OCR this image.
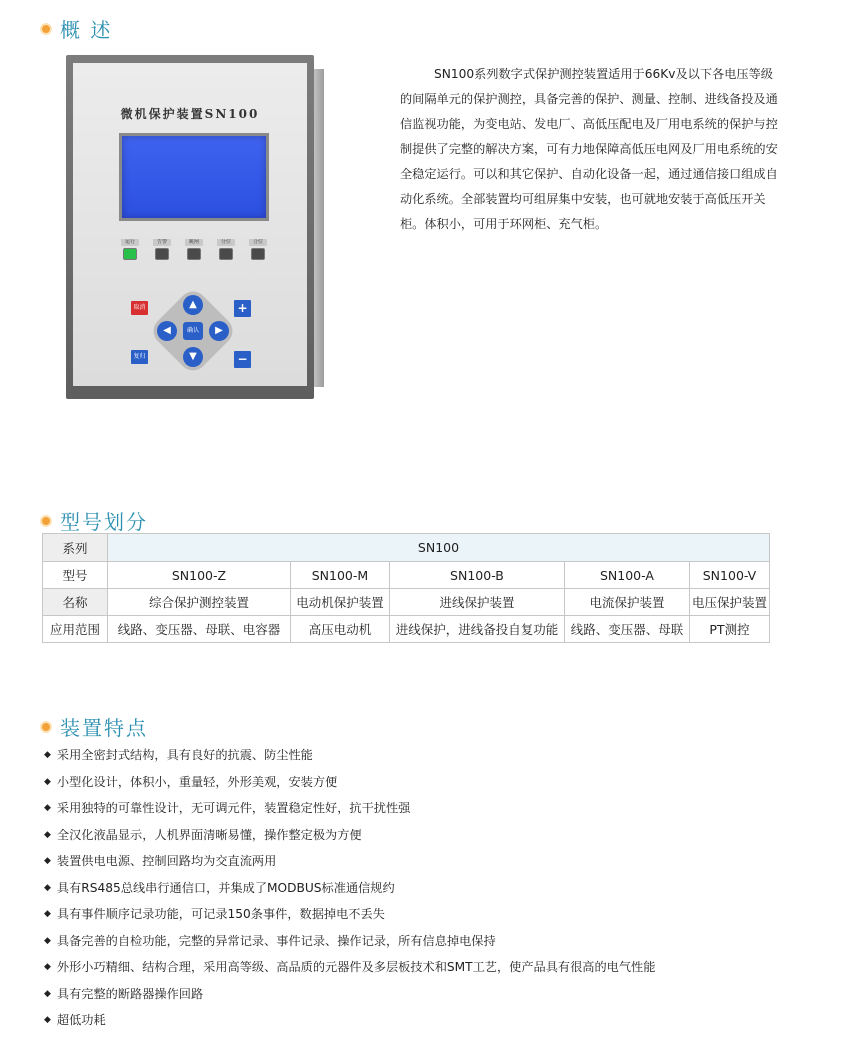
概 述
微机保护装置SN100
运行	告警	跳闸	分位	合位
取消
复归
+
−
▲
▼
◀	▶
确认
SN100系列数字式保护测控装置适用于66Kv及以下各电压等级的间隔单元的保护测控，具备完善的保护、测量、控制、进线备投及通信监视功能，为变电站、发电厂、高低压配电及厂用电系统的保护与控制提供了完整的解决方案，可有力地保障高低压电网及厂用电系统的安全稳定运行。可以和其它保护、自动化设备一起，通过通信接口组成自动化系统。全部装置均可组屏集中安装，也可就地安装于高低压开关柜。体积小，可用于环网柜、充气柜。
型号划分
系列	SN100				
型号	SN100-Z	SN100-M	SN100-B	SN100-A	SN100-V
名称	综合保护测控装置	电动机保护装置	进线保护装置	电流保护装置	电压保护装置
应用范围	线路、变压器、母联、电容器	高压电动机	进线保护，进线备投自复功能	线路、变压器、母联	PT测控
装置特点
◆ 采用全密封式结构，具有良好的抗震、防尘性能
◆ 小型化设计，体积小，重量轻，外形美观，安装方便
◆ 采用独特的可靠性设计，无可调元件，装置稳定性好，抗干扰性强
◆ 全汉化液晶显示，人机界面清晰易懂，操作整定极为方便
◆ 装置供电电源、控制回路均为交直流两用
◆ 具有RS485总线串行通信口，并集成了MODBUS标准通信规约
◆ 具有事件顺序记录功能，可记录150条事件，数据掉电不丢失
◆ 具备完善的自检功能，完整的异常记录、事件记录、操作记录，所有信息掉电保持
◆ 外形小巧精细、结构合理，采用高等级、高品质的元器件及多层板技术和SMT工艺，使产品具有很高的电气性能
◆ 具有完整的断路器操作回路
◆ 超低功耗
